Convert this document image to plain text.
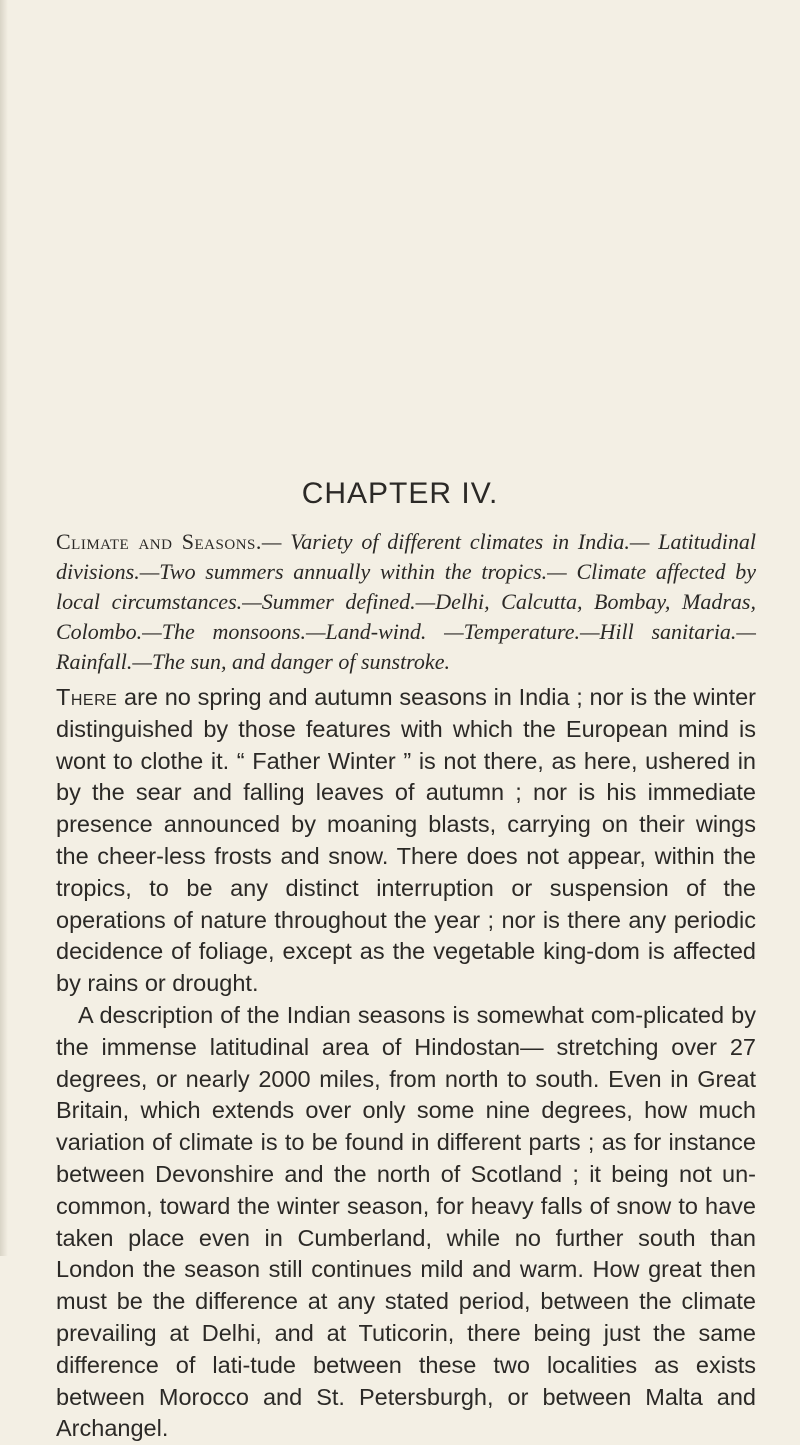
CHAPTER IV.

Climate and Seasons.— Variety of different climates in India.— Latitudinal divisions.—Two summers annually within the tropics.— Climate affected by local circumstances.—Summer defined.—Delhi, Calcutta, Bombay, Madras, Colombo.—The monsoons.—Land-wind. —Temperature.—Hill sanitaria.—Rainfall.—The sun, and danger of sunstroke.

There are no spring and autumn seasons in India ; nor is the winter distinguished by those features with which the European mind is wont to clothe it. “ Father Winter ” is not there, as here, ushered in by the sear and falling leaves of autumn ; nor is his immediate presence announced by moaning blasts, carrying on their wings the cheer-less frosts and snow. There does not appear, within the tropics, to be any distinct interruption or suspension of the operations of nature throughout the year ; nor is there any periodic decidence of foliage, except as the vegetable king-dom is affected by rains or drought.

A description of the Indian seasons is somewhat com-plicated by the immense latitudinal area of Hindostan— stretching over 27 degrees, or nearly 2000 miles, from north to south. Even in Great Britain, which extends over only some nine degrees, how much variation of climate is to be found in different parts ; as for instance between Devonshire and the north of Scotland ; it being not un-common, toward the winter season, for heavy falls of snow to have taken place even in Cumberland, while no further south than London the season still continues mild and warm. How great then must be the difference at any stated period, between the climate prevailing at Delhi, and at Tuticorin, there being just the same difference of lati-tude between these two localities as exists between Morocco and St. Petersburgh, or between Malta and Archangel.
